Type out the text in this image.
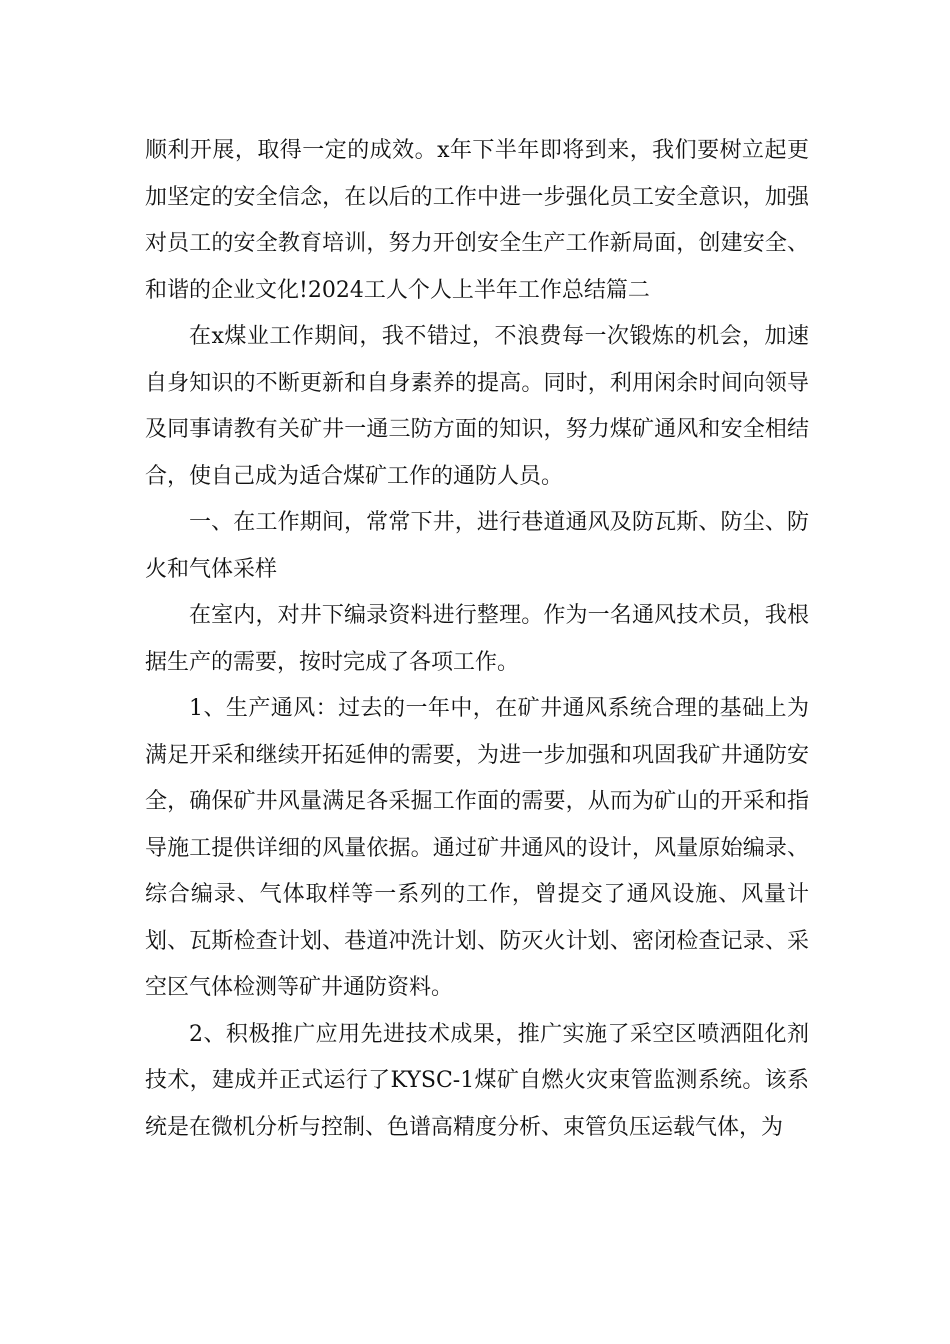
顺利开展，取得一定的成效。x年下半年即将到来，我们要树立起更加坚定的安全信念，在以后的工作中进一步强化员工安全意识，加强对员工的安全教育培训，努力开创安全生产工作新局面，创建安全、和谐的企业文化!2024工人个人上半年工作总结篇二

在x煤业工作期间，我不错过，不浪费每一次锻炼的机会，加速自身知识的不断更新和自身素养的提高。同时，利用闲余时间向领导及同事请教有关矿井一通三防方面的知识，努力煤矿通风和安全相结合，使自己成为适合煤矿工作的通防人员。

一、在工作期间，常常下井，进行巷道通风及防瓦斯、防尘、防火和气体采样

在室内，对井下编录资料进行整理。作为一名通风技术员，我根据生产的需要，按时完成了各项工作。

1、生产通风：过去的一年中，在矿井通风系统合理的基础上为满足开采和继续开拓延伸的需要，为进一步加强和巩固我矿井通防安全，确保矿井风量满足各采掘工作面的需要，从而为矿山的开采和指导施工提供详细的风量依据。通过矿井通风的设计，风量原始编录、综合编录、气体取样等一系列的工作，曾提交了通风设施、风量计划、瓦斯检查计划、巷道冲洗计划、防灭火计划、密闭检查记录、采空区气体检测等矿井通防资料。

2、积极推广应用先进技术成果，推广实施了采空区喷洒阻化剂技术，建成并正式运行了KYSC-1煤矿自燃火灾束管监测系统。该系统是在微机分析与控制、色谱高精度分析、束管负压运载气体，为
